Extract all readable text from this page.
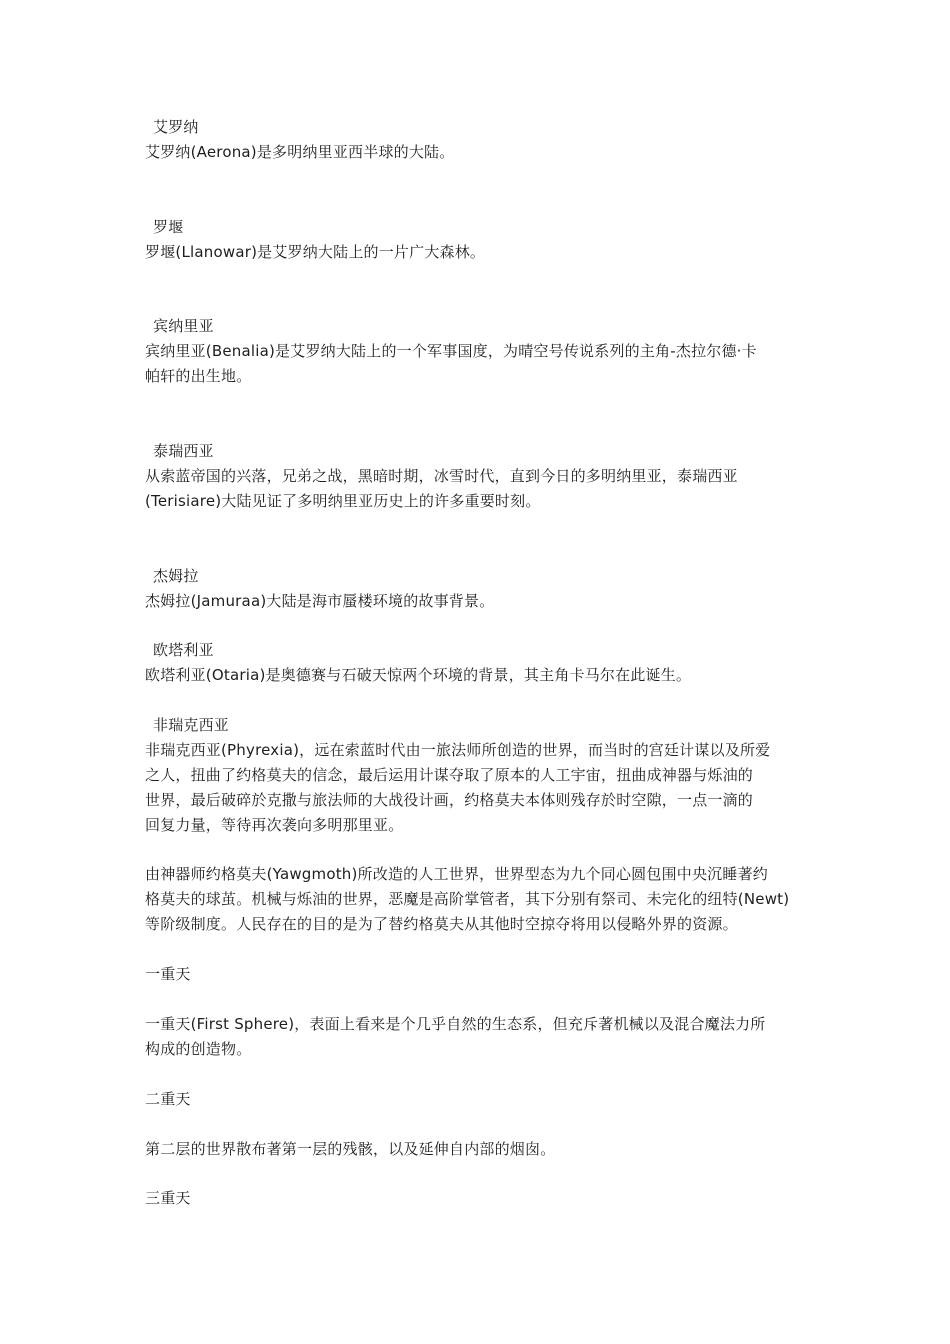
艾罗纳
艾罗纳(Aerona)是多明纳里亚西半球的大陆。
罗堰
罗堰(Llanowar)是艾罗纳大陆上的一片广大森林。
宾纳里亚
宾纳里亚(Benalia)是艾罗纳大陆上的一个军事国度，为晴空号传说系列的主角-杰拉尔德·卡
帕轩的出生地。
泰瑞西亚
从索蓝帝国的兴落，兄弟之战，黑暗时期，冰雪时代，直到今日的多明纳里亚，泰瑞西亚
(Terisiare)大陆见证了多明纳里亚历史上的许多重要时刻。
杰姆拉
杰姆拉(Jamuraa)大陆是海市蜃楼环境的故事背景。
欧塔利亚
欧塔利亚(Otaria)是奥德赛与石破天惊两个环境的背景，其主角卡马尔在此诞生。
非瑞克西亚
非瑞克西亚(Phyrexia)，远在索蓝时代由一旅法师所创造的世界，而当时的宫廷计谋以及所爱
之人，扭曲了约格莫夫的信念，最后运用计谋夺取了原本的人工宇宙，扭曲成神器与烁油的
世界，最后破碎於克撒与旅法师的大战役计画，约格莫夫本体则残存於时空隙，一点一滴的
回复力量，等待再次袭向多明那里亚。
由神器师约格莫夫(Yawgmoth)所改造的人工世界，世界型态为九个同心圆包围中央沉睡著约
格莫夫的球茧。机械与烁油的世界，恶魔是高阶掌管者，其下分别有祭司、未完化的纽特(Newt)
等阶级制度。人民存在的目的是为了替约格莫夫从其他时空掠夺将用以侵略外界的资源。
一重天
一重天(First Sphere)，表面上看来是个几乎自然的生态系，但充斥著机械以及混合魔法力所
构成的创造物。
二重天
第二层的世界散布著第一层的残骸，以及延伸自内部的烟囱。
三重天
